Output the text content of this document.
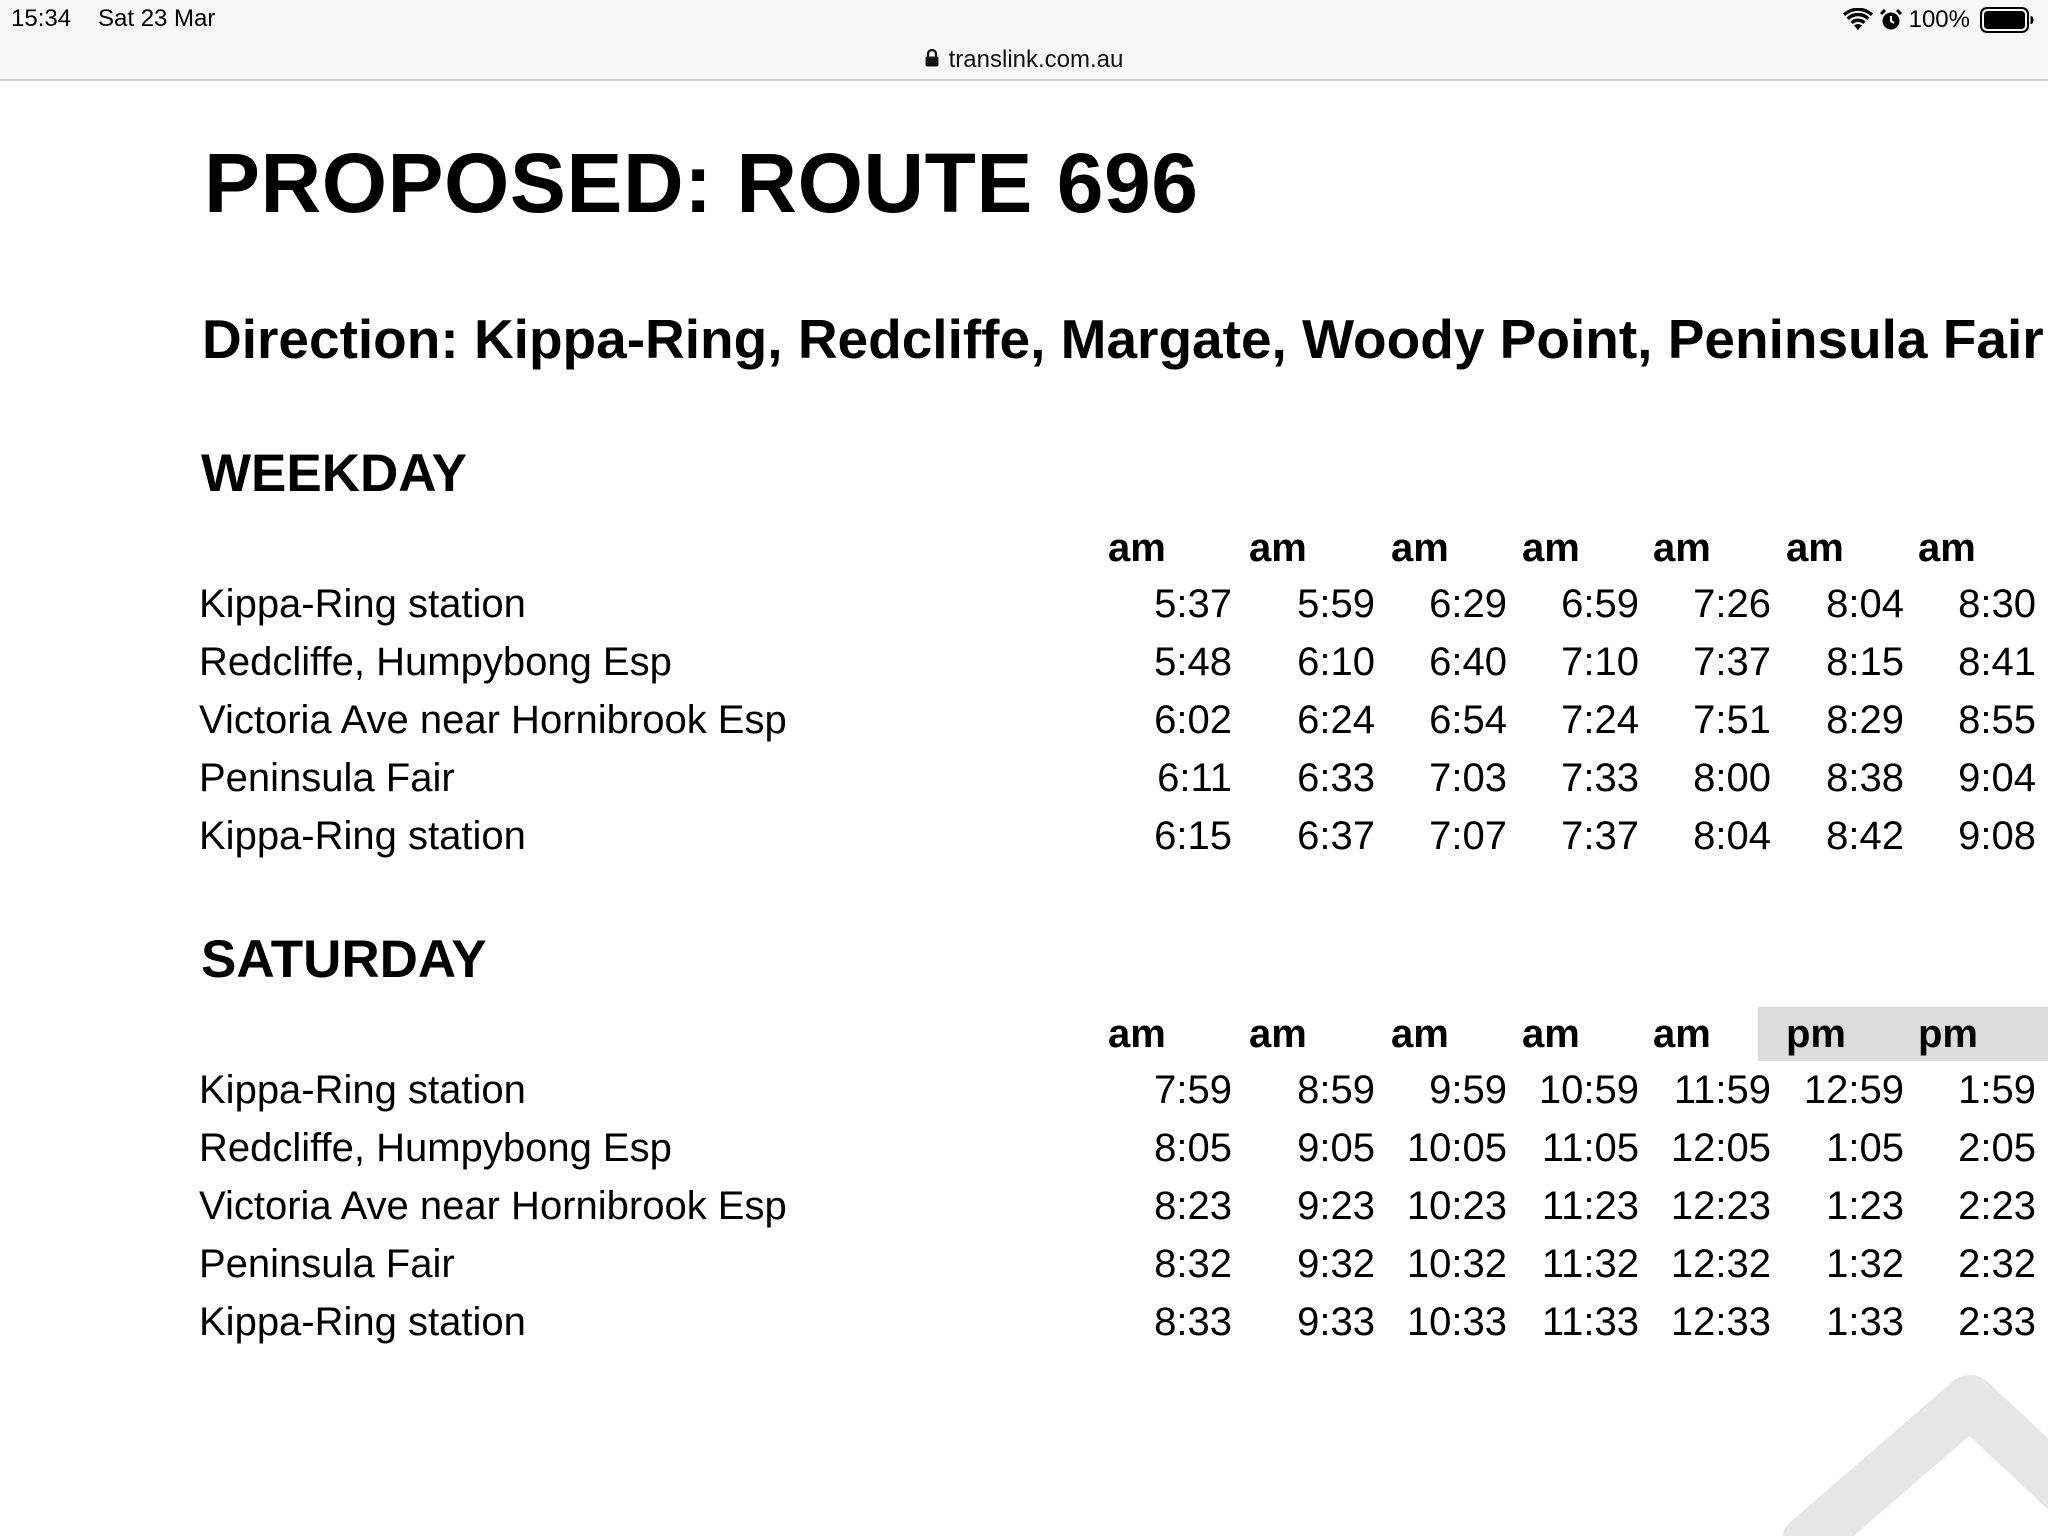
15:34 Sat 23 Mar	100%
translink.com.au
PROPOSED: ROUTE 696
Direction: Kippa-Ring, Redcliffe, Margate, Woody Point, Peninsula Fair
WEEKDAY
am am am am am am am
Kippa-Ring station	5:37 5:59 6:29 6:59 7:26 8:04 8:30
Redcliffe, Humpybong Esp	5:48 6:10 6:40 7:10 7:37 8:15 8:41
Victoria Ave near Hornibrook Esp	6:02 6:24 6:54 7:24 7:51 8:29 8:55
Peninsula Fair	6:11 6:33 7:03 7:33 8:00 8:38 9:04
Kippa-Ring station	6:15 6:37 7:07 7:37 8:04 8:42 9:08
SATURDAY
am am am am am	pm	pm
Kippa-Ring station	7:59 8:59 9:59 10:59 11:59 12:59 1:59
Redcliffe, Humpybong Esp	8:05 9:05 10:05 11:05 12:05 1:05 2:05
Victoria Ave near Hornibrook Esp	8:23 9:23 10:23 11:23 12:23 1:23 2:23
Peninsula Fair	8:32 9:32 10:32 11:32 12:32 1:32 2:32
Kippa-Ring station	8:33 9:33 10:33 11:33 12:33 1:33 2:33
